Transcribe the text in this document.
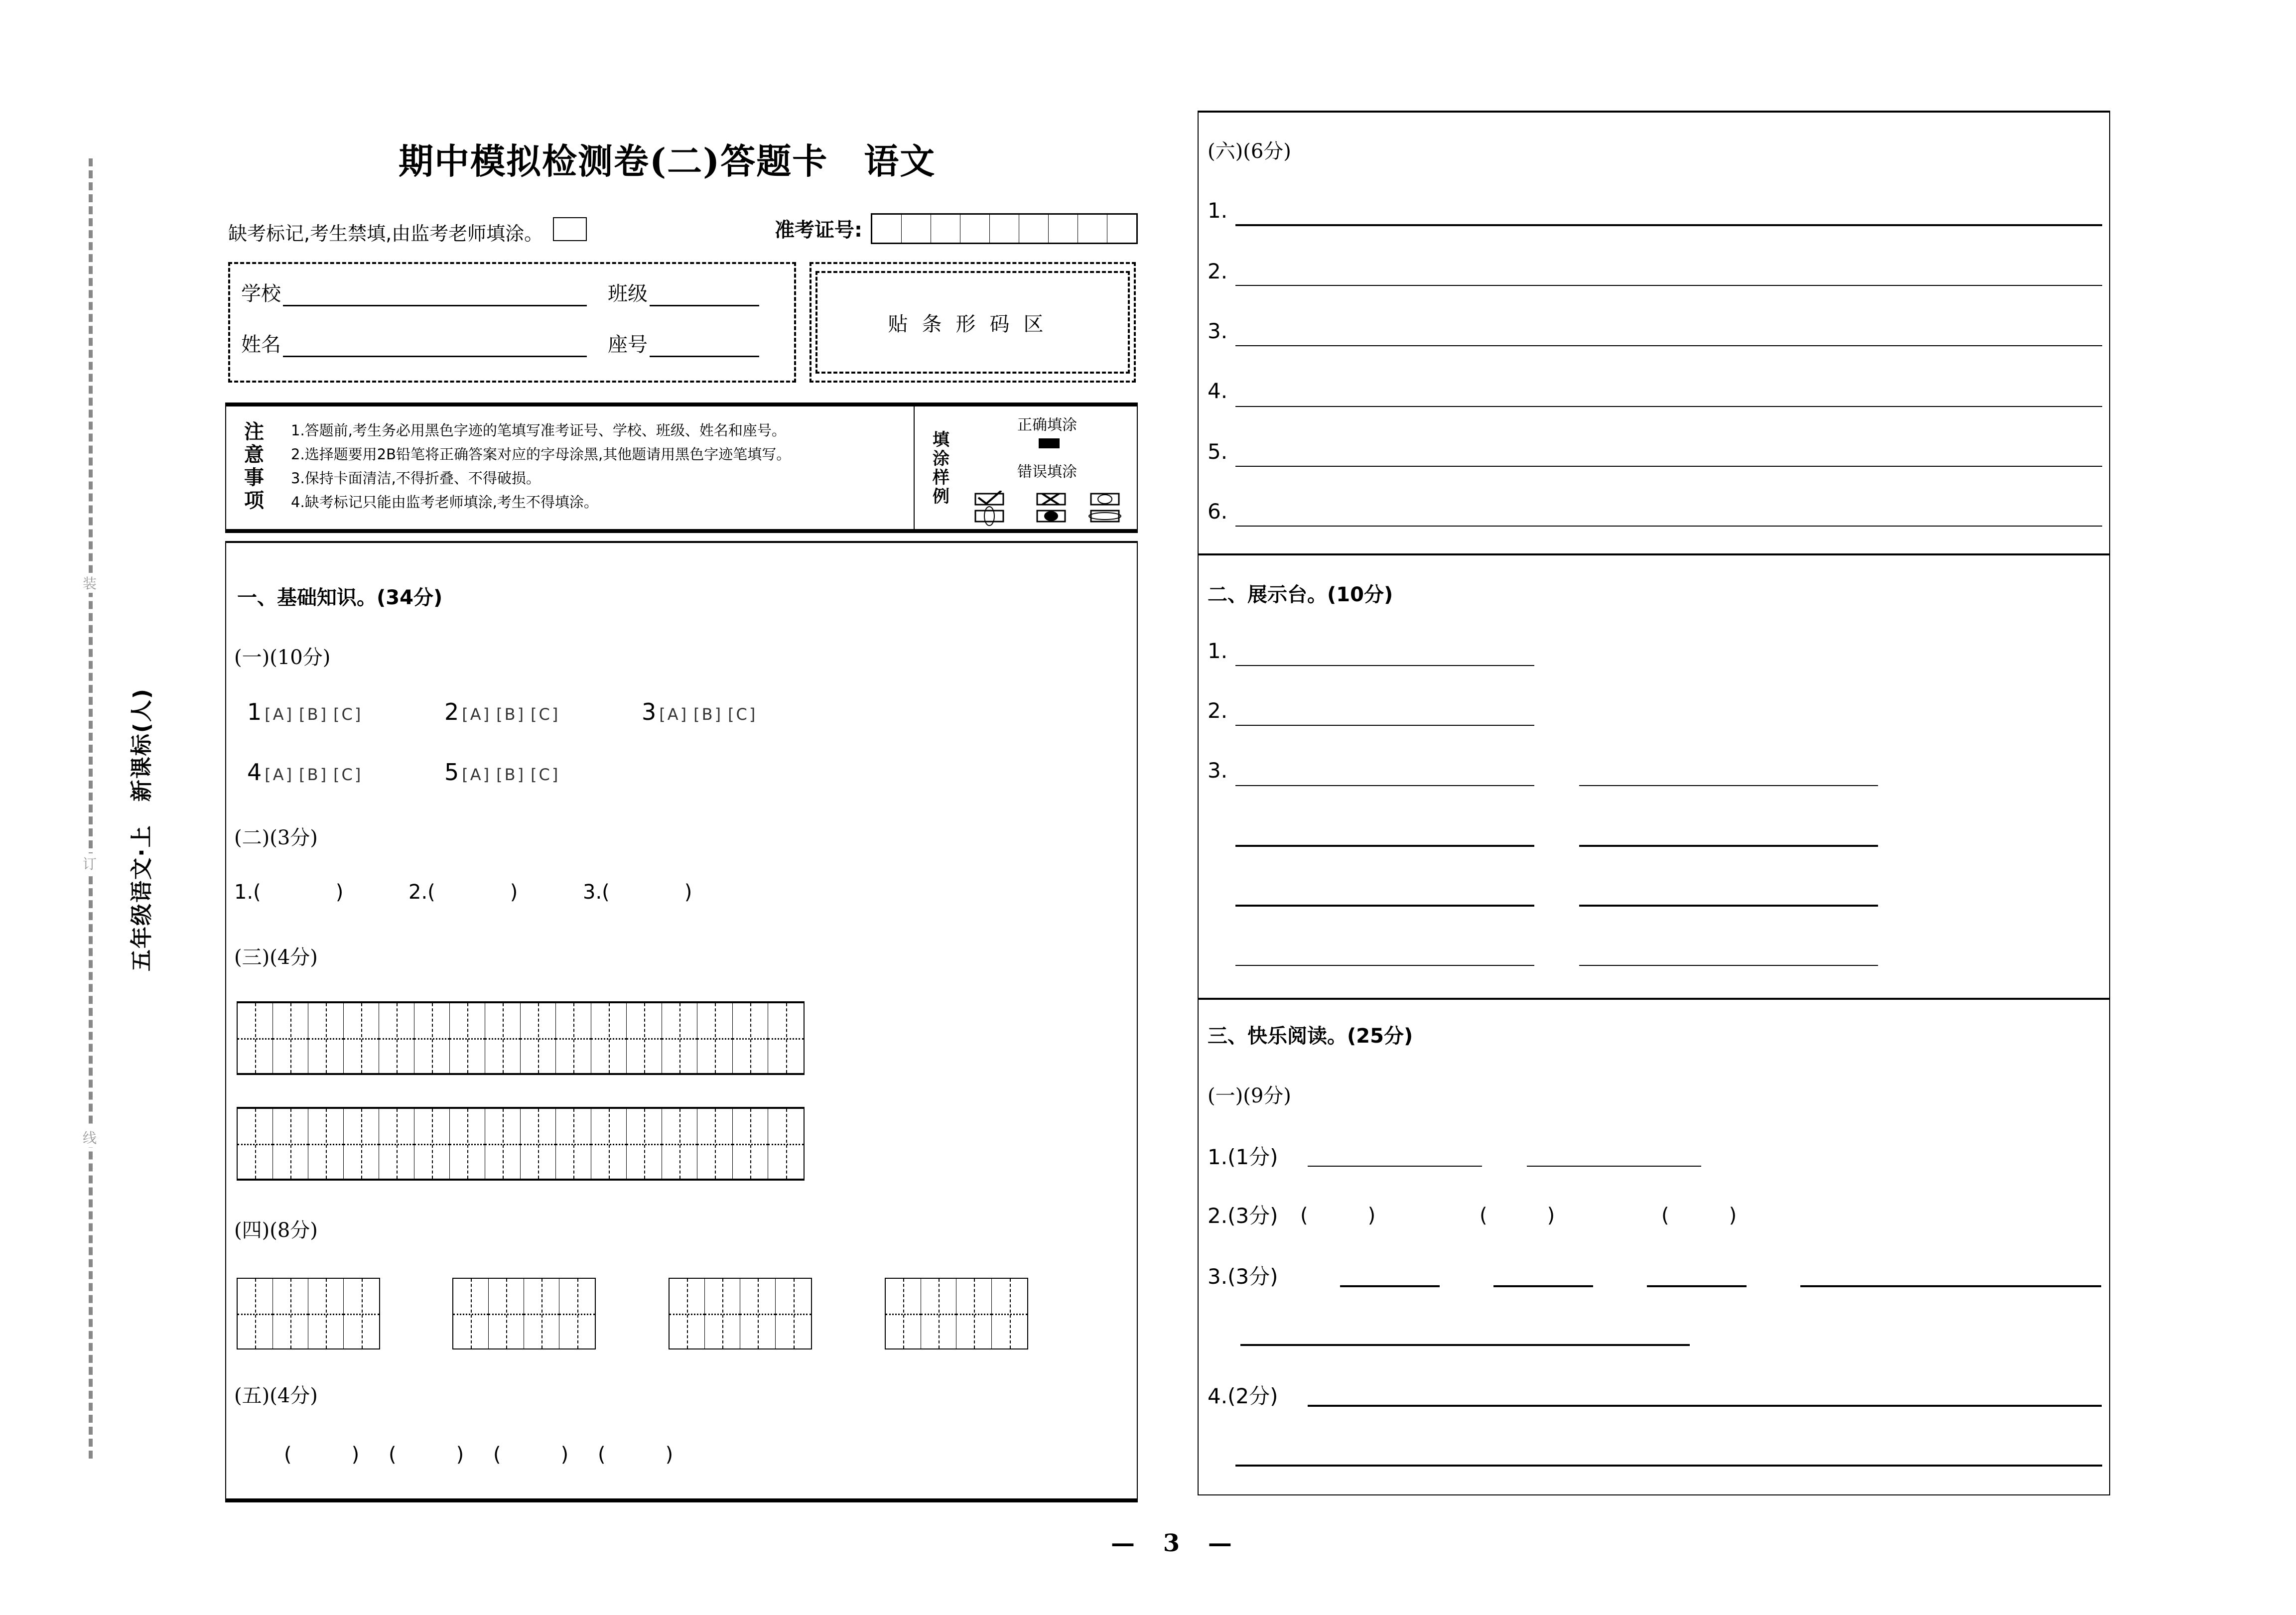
装
订
线
五年级语文·上　新课标(人)
期中模拟检测卷(二)答题卡　语文
缺考标记,考生禁填,由监考老师填涂。	准考证号:
学校	班级
姓名	座号
贴条形码区
注
意
事
项
1.答题前,考生务必用黑色字迹的笔填写准考证号、学校、班级、姓名和座号。
2.选择题要用2B铅笔将正确答案对应的字母涂黑,其他题请用黑色字迹笔填写。
3.保持卡面清洁,不得折叠、不得破损。
4.缺考标记只能由监考老师填涂,考生不得填涂。
填
涂
样
例
正确填涂
错误填涂
一、基础知识。(34分)
(一)(10分)
1 [A] [B] [C]	2 [A] [B] [C]	3 [A] [B] [C]
4 [A] [B] [C]	5 [A] [B] [C]
(二)(3分)
1.(	)	2.(	)	3.(	)
(三)(4分)
(四)(8分)
(五)(4分)
(　　　) (　　　) (　　　) (　　　)
(六)(6分)
1.
2.
3.
4.
5.
6.
二、展示台。(10分)
1.
2.
3.
三、快乐阅读。(25分)
(一)(9分)
1.(1分)
2.(3分) (　　　)	(　　　)	(　　　)
3.(3分)
4.(2分)
— 3 —
